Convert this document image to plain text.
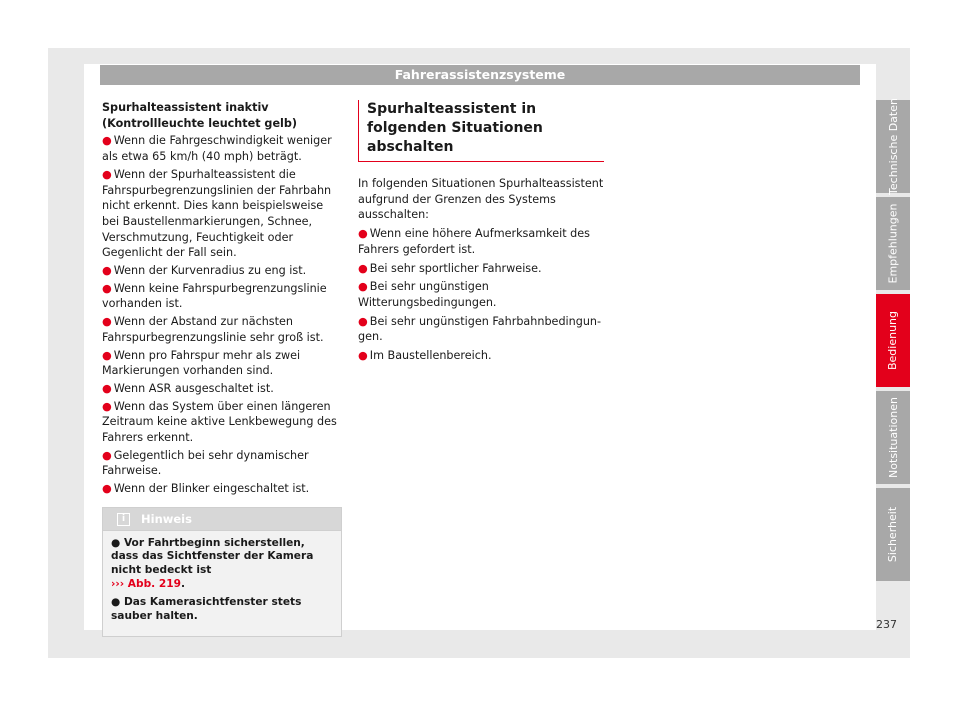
Fahrerassistenzsysteme

Spurhalteassistent inaktiv (Kontrollleuchte leuchtet gelb)

● Wenn die Fahrgeschwindigkeit weniger als etwa 65 km/h (40 mph) beträgt.

● Wenn der Spurhalteassistent die Fahrspurbegrenzungslinien der Fahrbahn nicht erkennt. Dies kann beispielsweise bei Baustellenmarkierungen, Schnee, Verschmutzung, Feuchtigkeit oder Gegenlicht der Fall sein.

● Wenn der Kurvenradius zu eng ist.

● Wenn keine Fahrspurbegrenzungslinie vorhanden ist.

● Wenn der Abstand zur nächsten Fahrspurbegrenzungslinie sehr groß ist.

● Wenn pro Fahrspur mehr als zwei Markierungen vorhanden sind.

● Wenn ASR ausgeschaltet ist.

● Wenn das System über einen längeren Zeitraum keine aktive Lenkbewegung des Fahrers erkennt.

● Gelegentlich bei sehr dynamischer Fahrweise.

● Wenn der Blinker eingeschaltet ist.

i	Hinweis

● Vor Fahrtbeginn sicherstellen, dass das Sichtfenster der Kamera nicht bedeckt ist
››› Abb. 219.

● Das Kamerasichtfenster stets sauber halten.

Spurhalteassistent in folgenden Situationen abschalten

In folgenden Situationen Spurhalteassistent aufgrund der Grenzen des Systems ausschalten:

● Wenn eine höhere Aufmerksamkeit des Fahrers gefordert ist.

● Bei sehr sportlicher Fahrweise.

● Bei sehr ungünstigen Witterungsbedingungen.

● Bei sehr ungünstigen Fahrbahnbedingungen.

● Im Baustellenbereich.

Technische Daten
Empfehlungen
Bedienung
Notsituationen
Sicherheit
237
